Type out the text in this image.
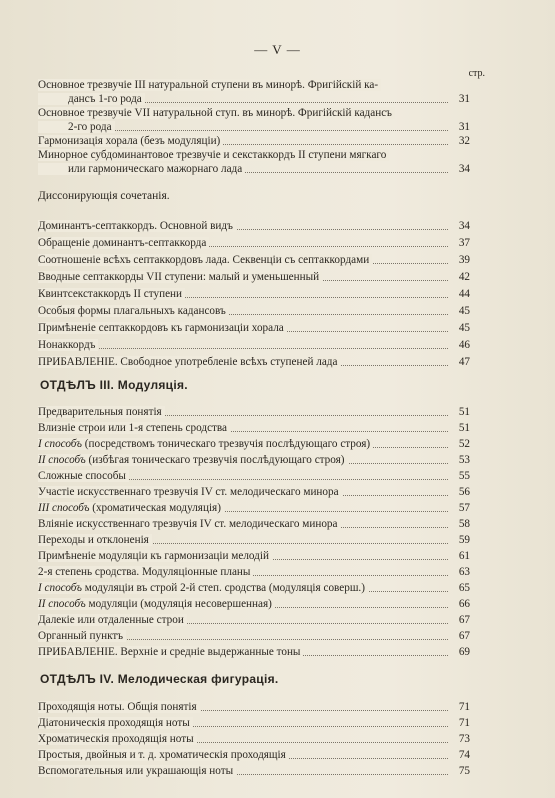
— V —
стр.
Основное трезвучіе III натуральной ступени въ минорѣ. Фригійскій ка-
дансъ 1-го рода	31
Основное трезвучіе VII натуральной ступ. въ минорѣ. Фригійскій кадансъ
2-го рода	31
Гармонизація хорала (безъ модуляціи)	32
Минорное субдоминантовое трезвучіе и секстаккордъ II ступени мягкаго
или гармоническаго мажорнаго лада	34
Диссонирующія сочетанія.
Доминантъ-септаккордъ. Основной видъ	34
Обращеніе доминантъ-септаккорда	37
Соотношеніе всѣхъ септаккордовъ лада. Секвенціи съ септаккордами	39
Вводные септаккорды VII ступени: малый и уменьшенный	42
Квинтсекстаккордъ II ступени	44
Особыя формы плагальныхъ кадансовъ	45
Примѣненіе септаккордовъ къ гармонизаціи хорала	45
Нонаккордъ	46
ПРИБАВЛЕНІЕ. Свободное употребленіе всѣхъ ступеней лада	47
ОТДѢЛЪ III. Модуляція.
Предварительныя понятія	51
Влизніе строи или 1-я степень сродства	51
I способъ (посредствомъ тоническаго трезвучія послѣдующаго строя)	52
II способъ (избѣгая тоническаго трезвучія послѣдующаго строя)	53
Сложные способы	55
Участіе искусственнаго трезвучія IV ст. мелодическаго минора	56
III способъ (хроматическая модуляція)	57
Вліяніе искусственнаго трезвучія IV ст. мелодическаго минора	58
Переходы и отклоненія	59
Примѣненіе модуляціи къ гармонизаціи мелодій	61
2-я степень сродства. Модуляціонные планы	63
I способъ модуляціи въ строй 2-й степ. сродства (модуляція соверш.)	65
II способъ модуляціи (модуляція несовершенная)	66
Далекіе или отдаленные строи	67
Органный пунктъ	67
ПРИБАВЛЕНІЕ. Верхніе и средніе выдержанные тоны	69
ОТДѢЛЪ IV. Мелодическая фигурація.
Проходящія ноты. Общія понятія	71
Діатоническія проходящія ноты	71
Хроматическія проходящія ноты	73
Простыя, двойныя и т. д. хроматическія проходящія	74
Вспомогательныя или украшающія ноты	75
